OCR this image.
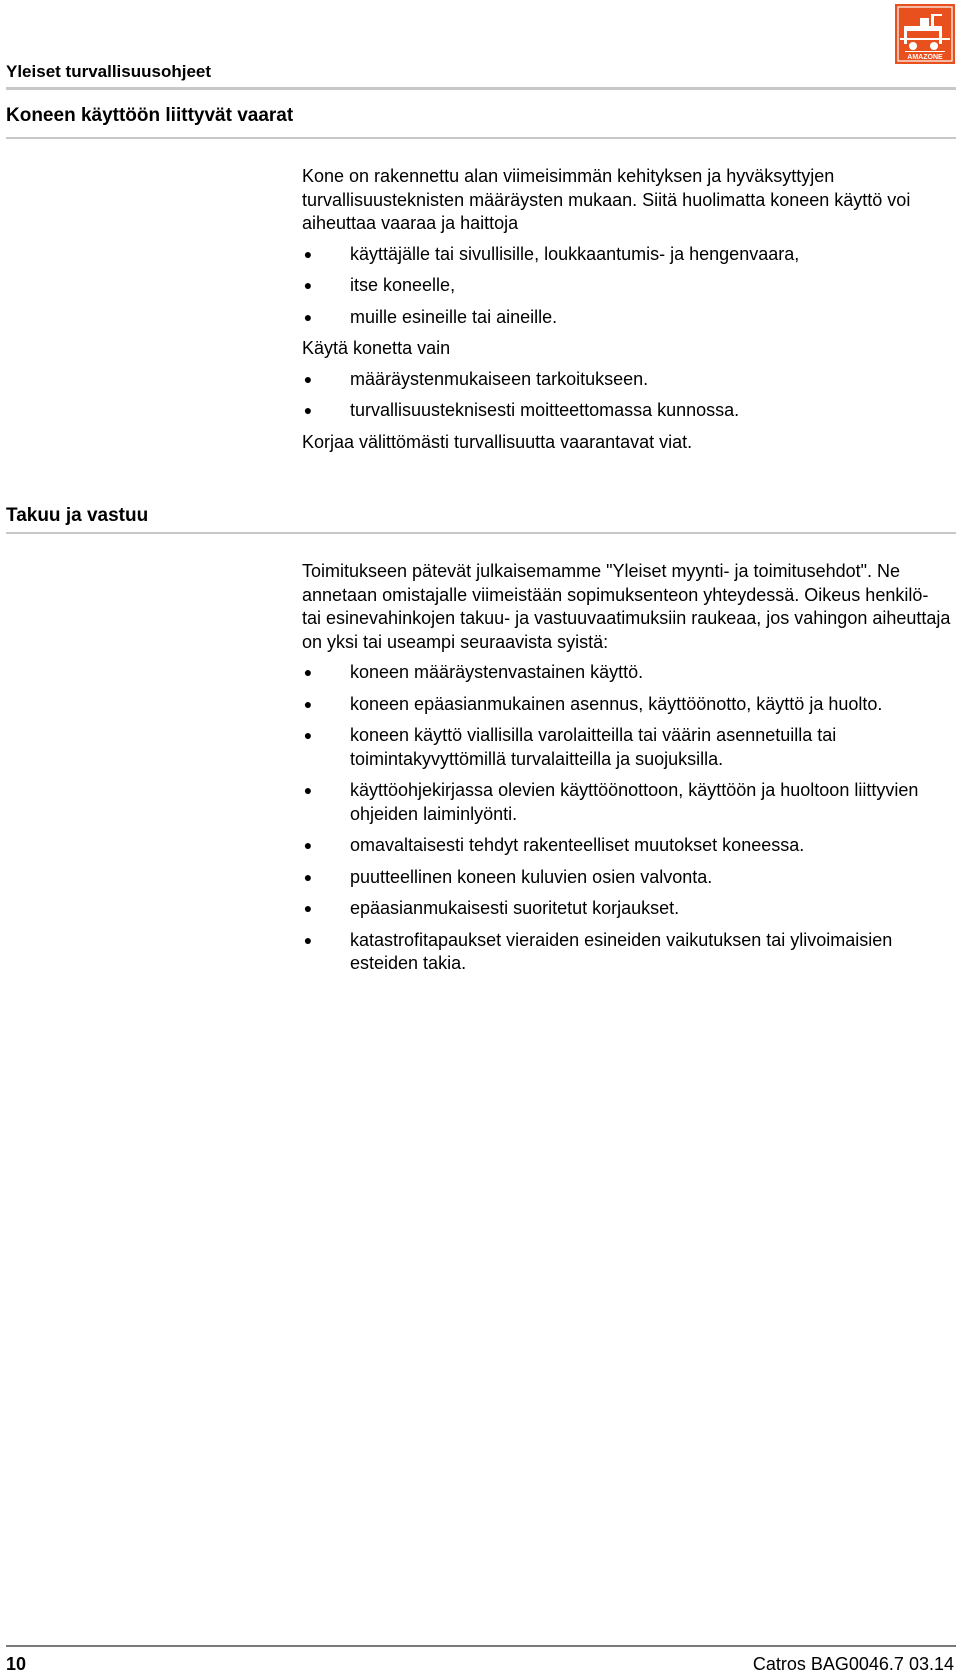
Yleiset turvallisuusohjeet
AMAZONE
Koneen käyttöön liittyvät vaarat

Kone on rakennettu alan viimeisimmän kehityksen ja hyväksyttyjen turvallisuusteknisten määräysten mukaan. Siitä huolimatta koneen käyttö voi aiheuttaa vaaraa ja haittoja

● käyttäjälle tai sivullisille, loukkaantumis- ja hengenvaara,
● itse koneelle,
● muille esineille tai aineille.

Käytä konetta vain

● määräystenmukaiseen tarkoitukseen.
● turvallisuusteknisesti moitteettomassa kunnossa.

Korjaa välittömästi turvallisuutta vaarantavat viat.

Takuu ja vastuu

Toimitukseen pätevät julkaisemamme "Yleiset myynti- ja toimitusehdot". Ne annetaan omistajalle viimeistään sopimuksenteon yhteydessä. Oikeus henkilö- tai esinevahinkojen takuu- ja vastuuvaatimuksiin raukeaa, jos vahingon aiheuttaja on yksi tai useampi seuraavista syistä:

● koneen määräystenvastainen käyttö.
● koneen epäasianmukainen asennus, käyttöönotto, käyttö ja huolto.
● koneen käyttö viallisilla varolaitteilla tai väärin asennetuilla tai toimintakyvyttömillä turvalaitteilla ja suojuksilla.
● käyttöohjekirjassa olevien käyttöönottoon, käyttöön ja huoltoon liittyvien ohjeiden laiminlyönti.
● omavaltaisesti tehdyt rakenteelliset muutokset koneessa.
● puutteellinen koneen kuluvien osien valvonta.
● epäasianmukaisesti suoritetut korjaukset.
● katastrofitapaukset vieraiden esineiden vaikutuksen tai ylivoimaisien esteiden takia.
10	Catros BAG0046.7 03.14
